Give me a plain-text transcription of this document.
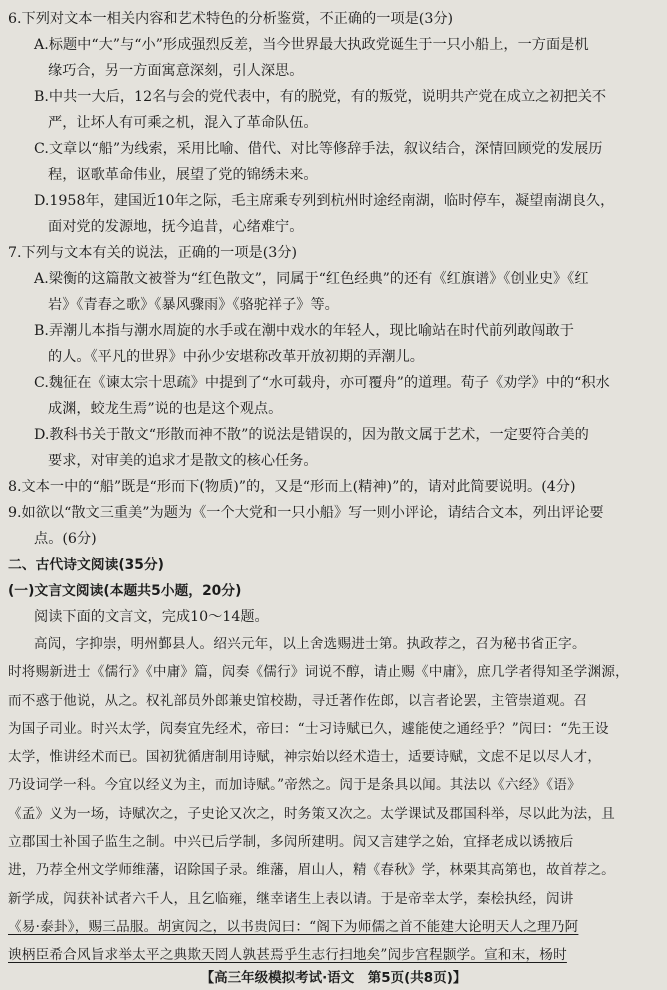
6.下列对文本一相关内容和艺术特色的分析鉴赏，不正确的一项是(3分)
A.标题中“大”与“小”形成强烈反差，当今世界最大执政党诞生于一只小船上，一方面是机
缘巧合，另一方面寓意深刻，引人深思。
B.中共一大后，12名与会的党代表中，有的脱党，有的叛党，说明共产党在成立之初把关不
严，让坏人有可乘之机，混入了革命队伍。
C.文章以“船”为线索，采用比喻、借代、对比等修辞手法，叙议结合，深情回顾党的发展历
程，讴歌革命伟业，展望了党的锦绣未来。
D.1958年，建国近10年之际，毛主席乘专列到杭州时途经南湖，临时停车，凝望南湖良久，
面对党的发源地，抚今追昔，心绪难宁。
7.下列与文本有关的说法，正确的一项是(3分)
A.梁衡的这篇散文被誉为“红色散文”，同属于“红色经典”的还有《红旗谱》《创业史》《红
岩》《青春之歌》《暴风骤雨》《骆驼祥子》等。
B.弄潮儿本指与潮水周旋的水手或在潮中戏水的年轻人，现比喻站在时代前列敢闯敢于
的人。《平凡的世界》中孙少安堪称改革开放初期的弄潮儿。
C.魏征在《谏太宗十思疏》中提到了“水可载舟，亦可覆舟”的道理。荀子《劝学》中的“积水
成渊，蛟龙生焉”说的也是这个观点。
D.教科书关于散文“形散而神不散”的说法是错误的，因为散文属于艺术，一定要符合美的
要求，对审美的追求才是散文的核心任务。
8.文本一中的“船”既是“形而下(物质)”的，又是“形而上(精神)”的，请对此简要说明。(4分)
9.如欲以“散文三重美”为题为《一个大党和一只小船》写一则小评论，请结合文本，列出评论要
点。(6分)
二、古代诗文阅读(35分)
(一)文言文阅读(本题共5小题，20分)
阅读下面的文言文，完成10～14题。
高闶，字抑崇，明州鄞县人。绍兴元年，以上舍选赐进士第。执政荐之，召为秘书省正字。
时将赐新进士《儒行》《中庸》篇，闶奏《儒行》词说不醇，请止赐《中庸》，庶几学者得知圣学渊源，
而不惑于他说，从之。权礼部员外郎兼史馆校勘，寻迁著作佐郎，以言者论罢，主管崇道观。召
为国子司业。时兴太学，闶奏宜先经术，帝曰：“士习诗赋已久，遽能使之通经乎？”闶曰：“先王设
太学，惟讲经术而已。国初犹循唐制用诗赋，神宗始以经术造士，适要诗赋，文虑不足以尽人才，
乃设词学一科。今宜以经义为主，而加诗赋。”帝然之。闶于是条具以闻。其法以《六经》《语》
《孟》义为一场，诗赋次之，子史论又次之，时务策又次之。太学课试及郡国科举，尽以此为法，且
立郡国士补国子监生之制。中兴已后学制，多闶所建明。闶又言建学之始，宜择老成以诱掖后
进，乃荐全州文学师维藩，诏除国子录。维藩，眉山人，精《春秋》学，林栗其高第也，故首荐之。
新学成，闶获补试者六千人，且乞临雍，继幸诸生上表以请。于是帝幸太学，秦桧执经，闶讲
《易·泰卦》，赐三品服。胡寅闶之，以书贵闶曰：“阁下为师儒之首不能建大论明天人之理乃阿
谀柄臣希合风旨求举太平之典欺天罔人孰甚焉乎生志行扫地矣”闶步宫程颢学。宣和末，杨时
【高三年级模拟考试·语文　第5页(共8页)】
